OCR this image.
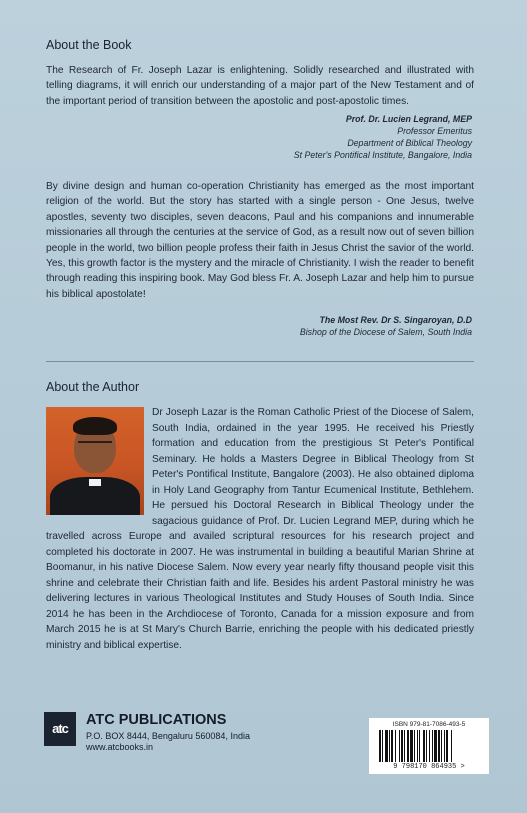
About the Book
The Research of Fr. Joseph Lazar is enlightening. Solidly researched and illustrated with telling diagrams, it will enrich our understanding of a major part of the New Testament and of the important period of transition between the apostolic and post-apostolic times.
Prof. Dr. Lucien Legrand, MEP
Professor Emeritus
Department of Biblical Theology
St Peter's Pontifical Institute, Bangalore, India
By divine design and human co-operation Christianity has emerged as the most important religion of the world. But the story has started with a single person - One Jesus, twelve apostles, seventy two disciples, seven deacons, Paul and his companions and innumerable missionaries all through the centuries at the service of God, as a result now out of seven billion people in the world, two billion people profess their faith in Jesus Christ the savior of the world. Yes, this growth factor is the mystery and the miracle of Christianity. I wish the reader to benefit through reading this inspiring book. May God bless Fr. A. Joseph Lazar and help him to pursue his biblical apostolate!
The Most Rev. Dr S. Singaroyan, D.D
Bishop of the Diocese of Salem, South India
About the Author
Dr Joseph Lazar is the Roman Catholic Priest of the Diocese of Salem, South India, ordained in the year 1995. He received his Priestly formation and education from the prestigious St Peter's Pontifical Seminary. He holds a Masters Degree in Biblical Theology from St Peter's Pontifical Institute, Bangalore (2003). He also obtained diploma in Holy Land Geography from Tantur Ecumenical Institute, Bethlehem. He persued his Doctoral Research in Biblical Theology under the sagacious guidance of Prof. Dr. Lucien Legrand MEP, during which he travelled across Europe and availed scriptural resources for his research project and completed his doctorate in 2007. He was instrumental in building a beautiful Marian Shrine at Boomanur, in his native Diocese Salem. Now every year nearly fifty thousand people visit this shrine and celebrate their Christian faith and life. Besides his ardent Pastoral ministry he was delivering lectures in various Theological Institutes and Study Houses of South India. Since 2014 he has been in the Archdiocese of Toronto, Canada for a mission exposure and from March 2015 he is at St Mary's Church Barrie, enriching the people with his dedicated priestly ministry and biblical expertise.
atc
ATC PUBLICATIONS
P.O. BOX 8444, Bengaluru 560084, India
www.atcbooks.in
ISBN 979-81-7086-493-5
9 798170 864935 >
